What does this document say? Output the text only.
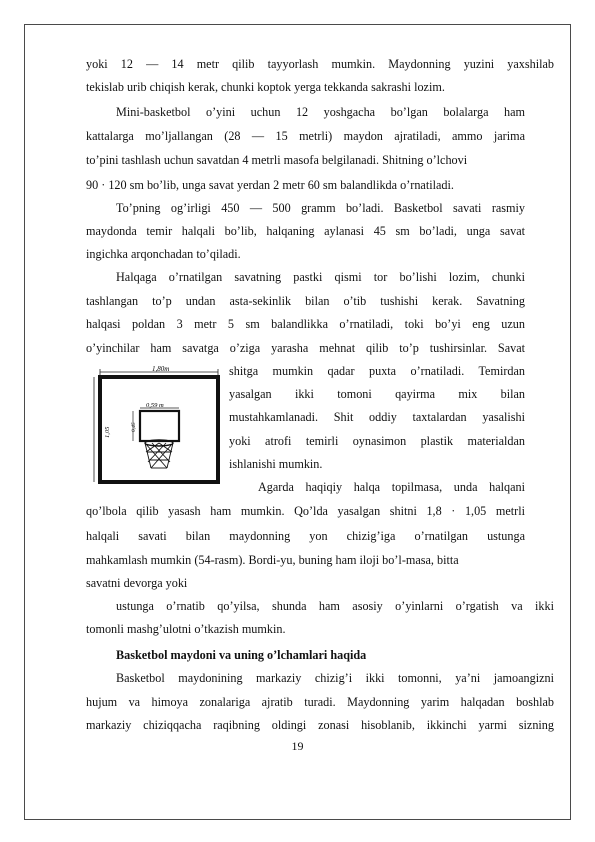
yoki 12 — 14 metr qilib tayyorlash mumkin. Maydonning yuzini yaxshilab
tekislab urib chiqish kerak, chunki koptok yerga tekkanda sakrashi lozim.
Mini-basketbol o’yini uchun 12 yoshgacha bo’lgan bolalarga ham
kattalarga mo’ljallangan (28 — 15 metrli) maydon ajratiladi, ammo jarima
to’pini tashlash uchun savatdan 4 metrli masofa belgilanadi. Shitning o’lchovi
90 · 120 sm bo’lib, unga savat yerdan 2 metr 60 sm balandlikda o’rnatiladi.
To’pning og’irligi 450 — 500 gramm bo’ladi. Basketbol savati rasmiy
maydonda temir halqali bo’lib, halqaning aylanasi 45 sm bo’ladi, unga savat
ingichka arqonchadan to’qiladi.
Halqaga o’rnatilgan savatning pastki qismi tor bo’lishi lozim, chunki
tashlangan to’p undan asta-sekinlik bilan o’tib tushishi kerak. Savatning
halqasi poldan 3 metr 5 sm balandlikka o’rnatiladi, toki bo’yi eng uzun
o’yinchilar ham savatga o’ziga yarasha mehnat qilib to’p tushirsinlar. Savat
1,80m
1,05
0,59 m
0,45
shitga mumkin qadar puxta o’rnatiladi. Temirdan
yasalgan ikki tomoni qayirma mix bilan
mustahkamlanadi. Shit oddiy taxtalardan yasalishi
yoki atrofi temirli oynasimon plastik materialdan
ishlanishi mumkin.
Agarda haqiqiy halqa topilmasa, unda halqani
qo’lbola qilib yasash ham mumkin. Qo’lda yasalgan shitni 1,8 · 1,05 metrli
halqali savati bilan maydonning yon chizig’iga o’rnatilgan ustunga
mahkamlash mumkin (54-rasm). Bordi-yu, buning ham iloji bo’l-masa, bitta
savatni devorga yoki
ustunga o’rnatib qo’yilsa, shunda ham asosiy o’yinlarni o’rgatish va ikki
tomonli mashg’ulotni o’tkazish mumkin.
Basketbol maydoni va uning o’lchamlari haqida
Basketbol maydonining markaziy chizig’i ikki tomonni, ya’ni jamoangizni
hujum va himoya zonalariga ajratib turadi. Maydonning yarim halqadan boshlab
markaziy chiziqqacha raqibning oldingi zonasi hisoblanib, ikkinchi yarmi sizning
19
